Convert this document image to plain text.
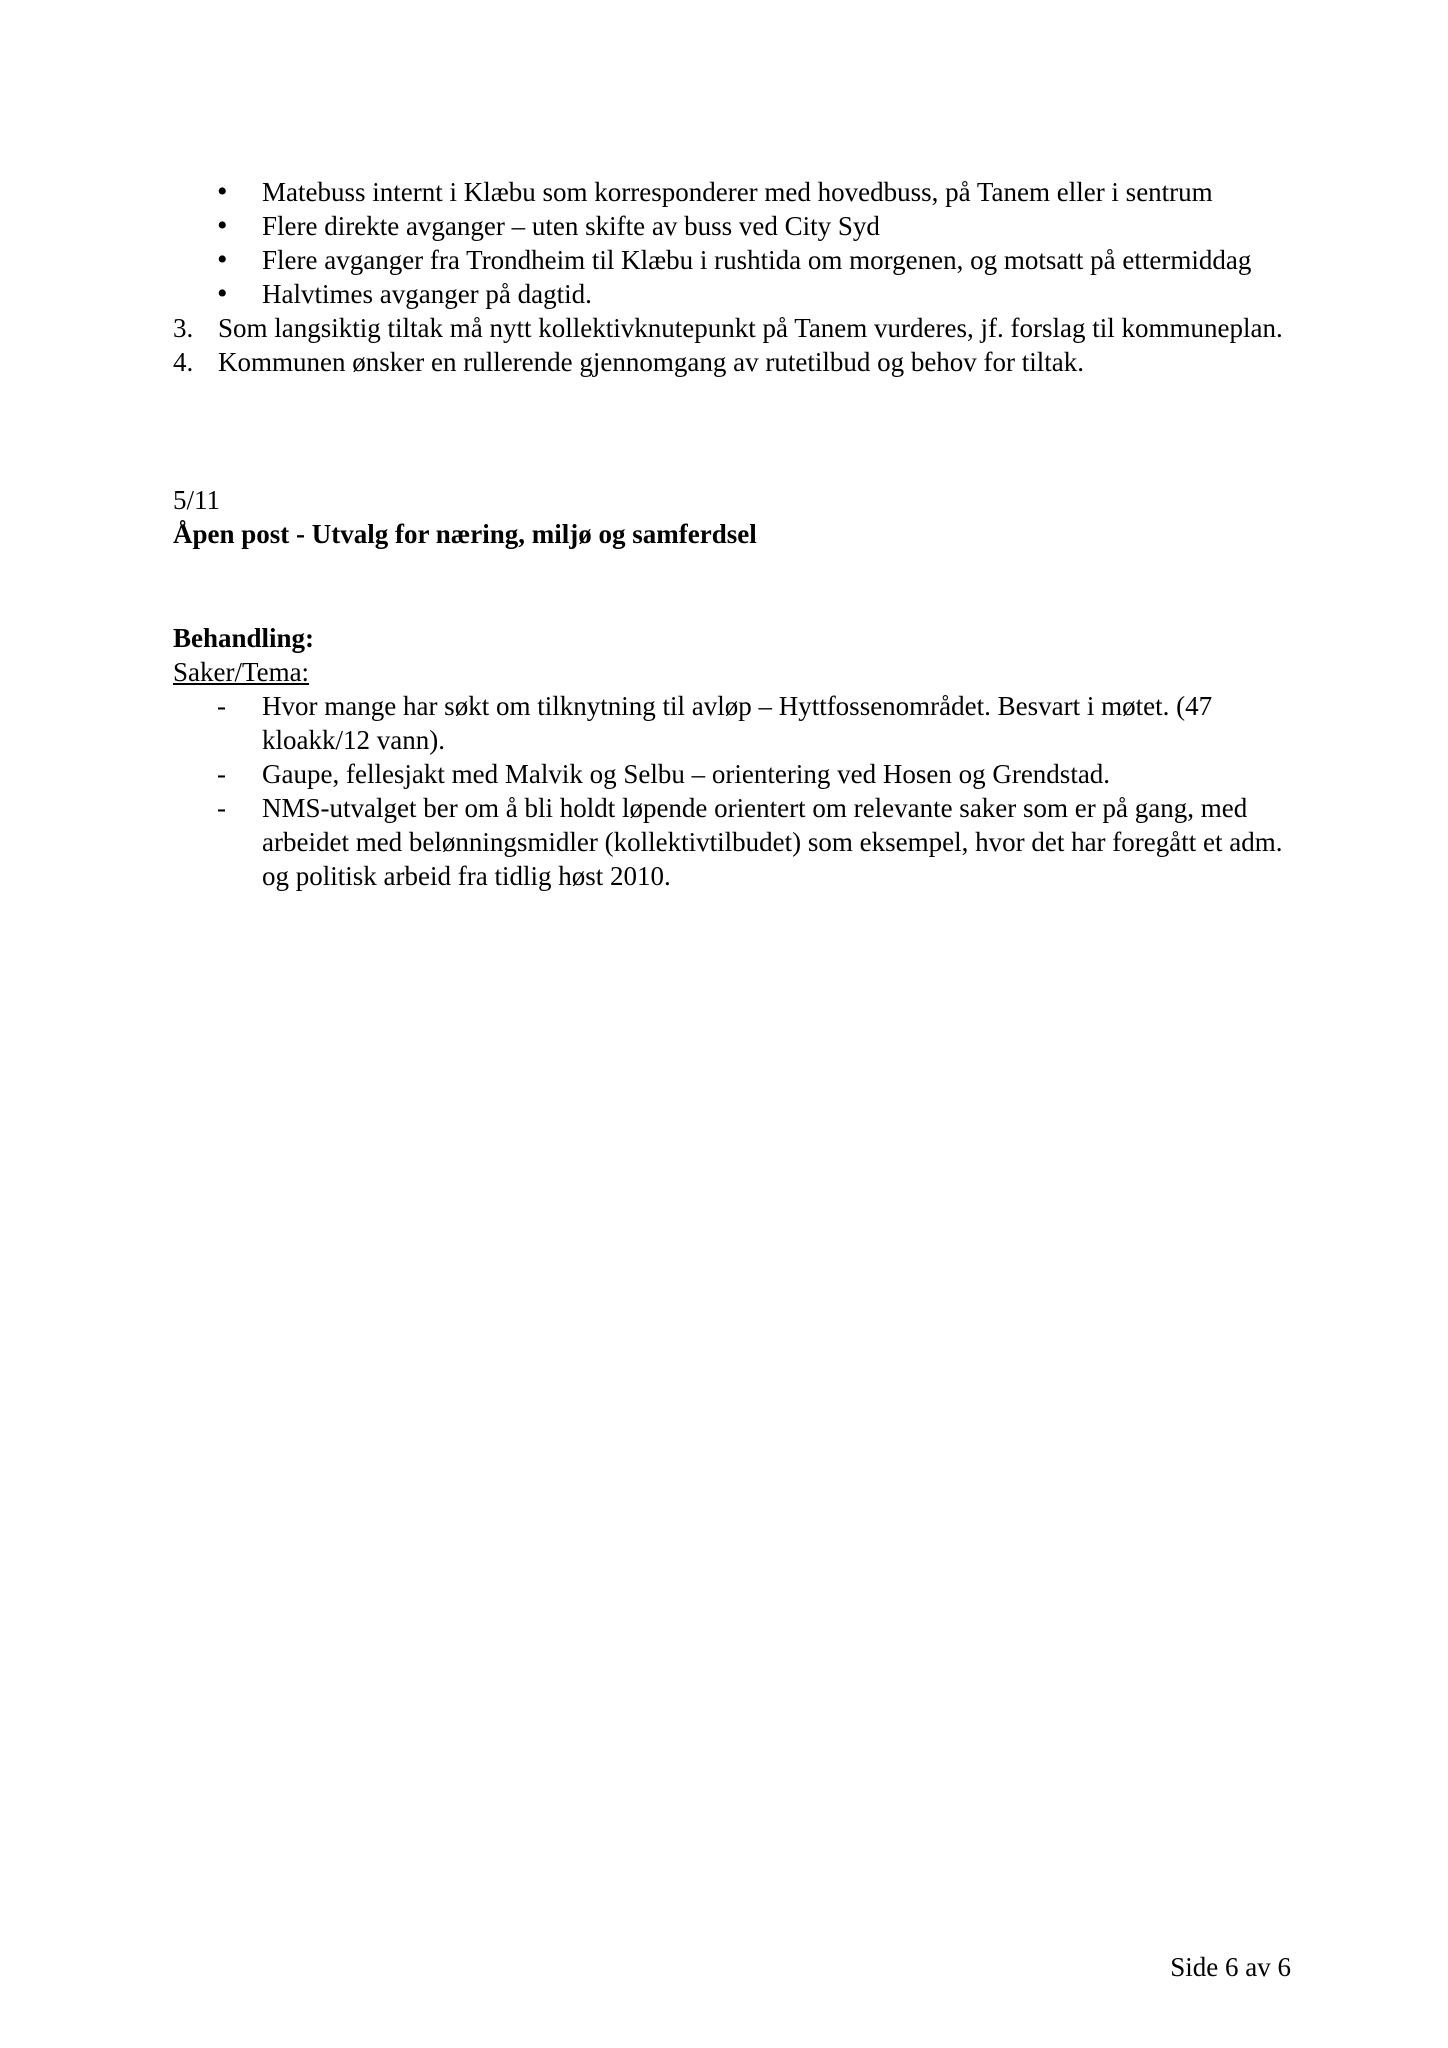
• Matebuss internt i Klæbu som korresponderer med hovedbuss, på Tanem eller i sentrum
• Flere direkte avganger – uten skifte av buss ved City Syd
• Flere avganger fra Trondheim til Klæbu i rushtida om morgenen, og motsatt på ettermiddag
• Halvtimes avganger på dagtid.
3. Som langsiktig tiltak må nytt kollektivknutepunkt på Tanem vurderes, jf. forslag til kommuneplan.
4. Kommunen ønsker en rullerende gjennomgang av rutetilbud og behov for tiltak.
5/11
Åpen post - Utvalg for næring, miljø og samferdsel
Behandling:
Saker/Tema:
- Hvor mange har søkt om tilknytning til avløp – Hyttfossenområdet. Besvart i møtet. (47 kloakk/12 vann).
- Gaupe, fellesjakt med Malvik og Selbu – orientering ved Hosen og Grendstad.
- NMS-utvalget ber om å bli holdt løpende orientert om relevante saker som er på gang, med arbeidet med belønningsmidler (kollektivtilbudet) som eksempel, hvor det har foregått et adm. og politisk arbeid fra tidlig høst 2010.
Side 6 av 6
